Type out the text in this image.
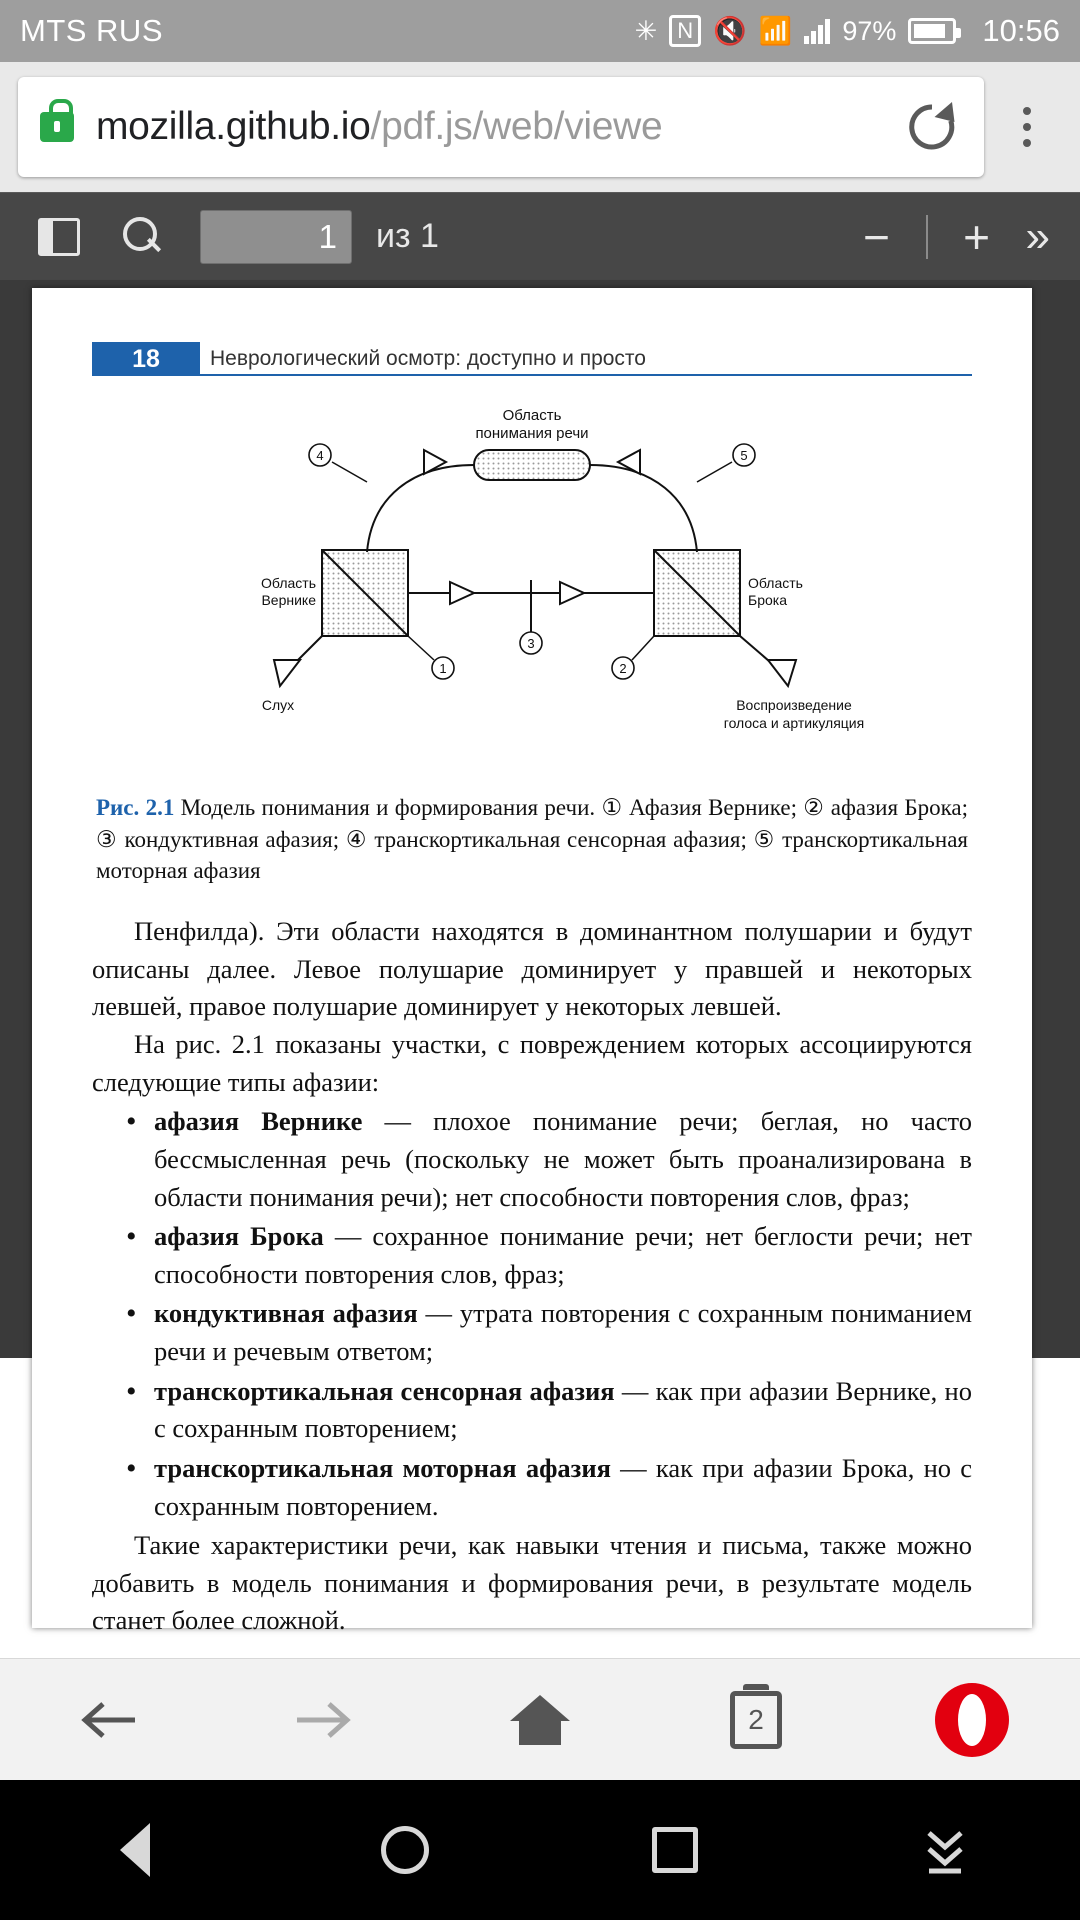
MTS RUS	✳ N 🔇 📶 97%	10:56
mozilla.github.io/pdf.js/web/viewe
1	из 1	− + »
18	Неврологический осмотр: доступно и просто
Область
понимания речи
Область
Вернике
Область
Брока
Слух	Воспроизведение
голоса и артикуляция
1	2
3
4	5
Рис. 2.1 Модель понимания и формирования речи. ① Афазия Вернике; ② афазия Брока; ③ кондуктивная афазия; ④ транскортикальная сенсорная афазия; ⑤ транскортикальная моторная афазия

Пенфилда). Эти области находятся в доминантном полушарии и будут описаны далее. Левое полушарие доминирует у правшей и некоторых левшей, правое полушарие доминирует у некоторых левшей.

На рис. 2.1 показаны участки, с повреждением которых ассоциируются следующие типы афазии:

• афазия Вернике — плохое понимание речи; беглая, но часто бессмысленная речь (поскольку не может быть проанализирована в области понимания речи); нет способности повторения слов, фраз;
• афазия Брока — сохранное понимание речи; нет беглости речи; нет способности повторения слов, фраз;
• кондуктивная афазия — утрата повторения с сохранным пониманием речи и речевым ответом;
• транскортикальная сенсорная афазия — как при афазии Вернике, но с сохранным повторением;
• транскортикальная моторная афазия — как при афазии Брока, но с сохранным повторением.

Такие характеристики речи, как навыки чтения и письма, также можно добавить в модель понимания и формирования речи, в результате модель станет более сложной.

2
